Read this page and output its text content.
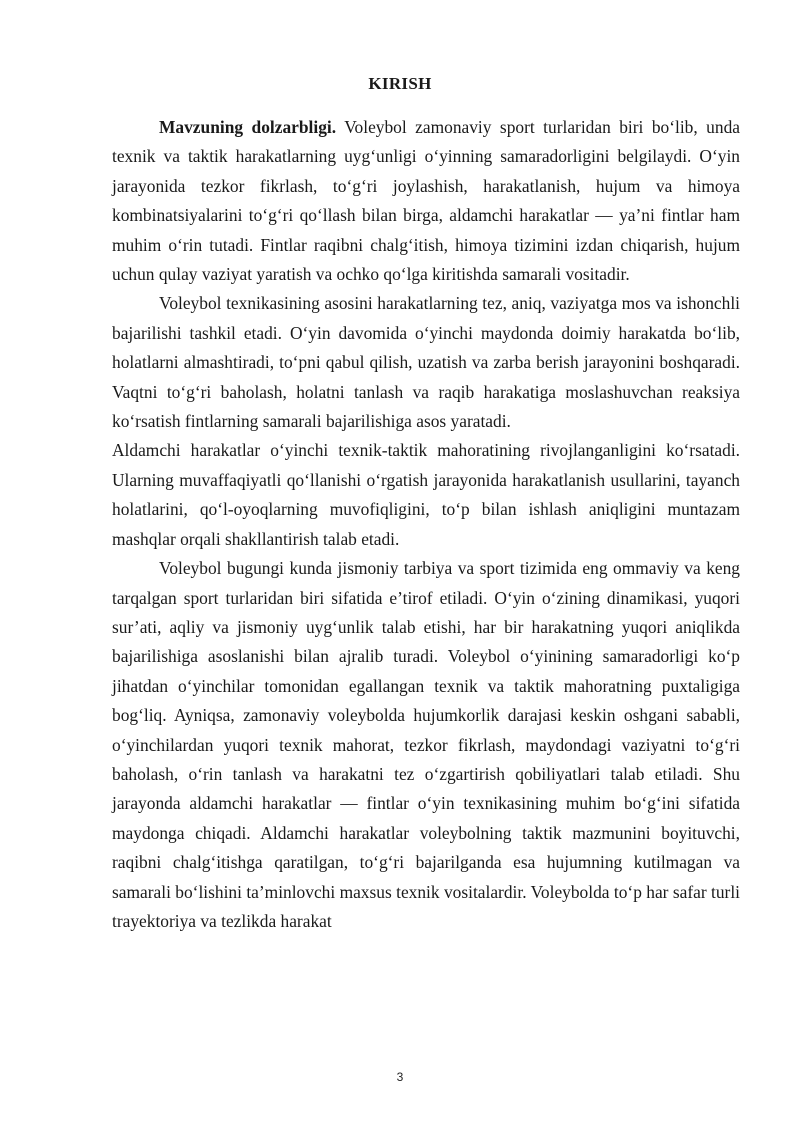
KIRISH

Mavzuning dolzarbligi. Voleybol zamonaviy sport turlaridan biri bo‘lib, unda texnik va taktik harakatlarning uyg‘unligi o‘yinning samaradorligini belgilaydi. O‘yin jarayonida tezkor fikrlash, to‘g‘ri joylashish, harakatlanish, hujum va himoya kombinatsiyalarini to‘g‘ri qo‘llash bilan birga, aldamchi harakatlar — ya’ni fintlar ham muhim o‘rin tutadi. Fintlar raqibni chalg‘itish, himoya tizimini izdan chiqarish, hujum uchun qulay vaziyat yaratish va ochko qo‘lga kiritishda samarali vositadir.

Voleybol texnikasining asosini harakatlarning tez, aniq, vaziyatga mos va ishonchli bajarilishi tashkil etadi. O‘yin davomida o‘yinchi maydonda doimiy harakatda bo‘lib, holatlarni almashtiradi, to‘pni qabul qilish, uzatish va zarba berish jarayonini boshqaradi. Vaqtni to‘g‘ri baholash, holatni tanlash va raqib harakatiga moslashuvchan reaksiya ko‘rsatish fintlarning samarali bajarilishiga asos yaratadi.

Aldamchi harakatlar o‘yinchi texnik-taktik mahoratining rivojlanganligini ko‘rsatadi. Ularning muvaffaqiyatli qo‘llanishi o‘rgatish jarayonida harakatlanish usullarini, tayanch holatlarini, qo‘l-oyoqlarning muvofiqligini, to‘p bilan ishlash aniqligini muntazam mashqlar orqali shakllantirish talab etadi.

Voleybol bugungi kunda jismoniy tarbiya va sport tizimida eng ommaviy va keng tarqalgan sport turlaridan biri sifatida e’tirof etiladi. O‘yin o‘zining dinamikasi, yuqori sur’ati, aqliy va jismoniy uyg‘unlik talab etishi, har bir harakatning yuqori aniqlikda bajarilishiga asoslanishi bilan ajralib turadi. Voleybol o‘yinining samaradorligi ko‘p jihatdan o‘yinchilar tomonidan egallangan texnik va taktik mahoratning puxtaligiga bog‘liq. Ayniqsa, zamonaviy voleybolda hujumkorlik darajasi keskin oshgani sababli, o‘yinchilardan yuqori texnik mahorat, tezkor fikrlash, maydondagi vaziyatni to‘g‘ri baholash, o‘rin tanlash va harakatni tez o‘zgartirish qobiliyatlari talab etiladi. Shu jarayonda aldamchi harakatlar — fintlar o‘yin texnikasining muhim bo‘g‘ini sifatida maydonga chiqadi. Aldamchi harakatlar voleybolning taktik mazmunini boyituvchi, raqibni chalg‘itishga qaratilgan, to‘g‘ri bajarilganda esa hujumning kutilmagan va samarali bo‘lishini ta’minlovchi maxsus texnik vositalardir. Voleybolda to‘p har safar turli trayektoriya va tezlikda harakat

3
